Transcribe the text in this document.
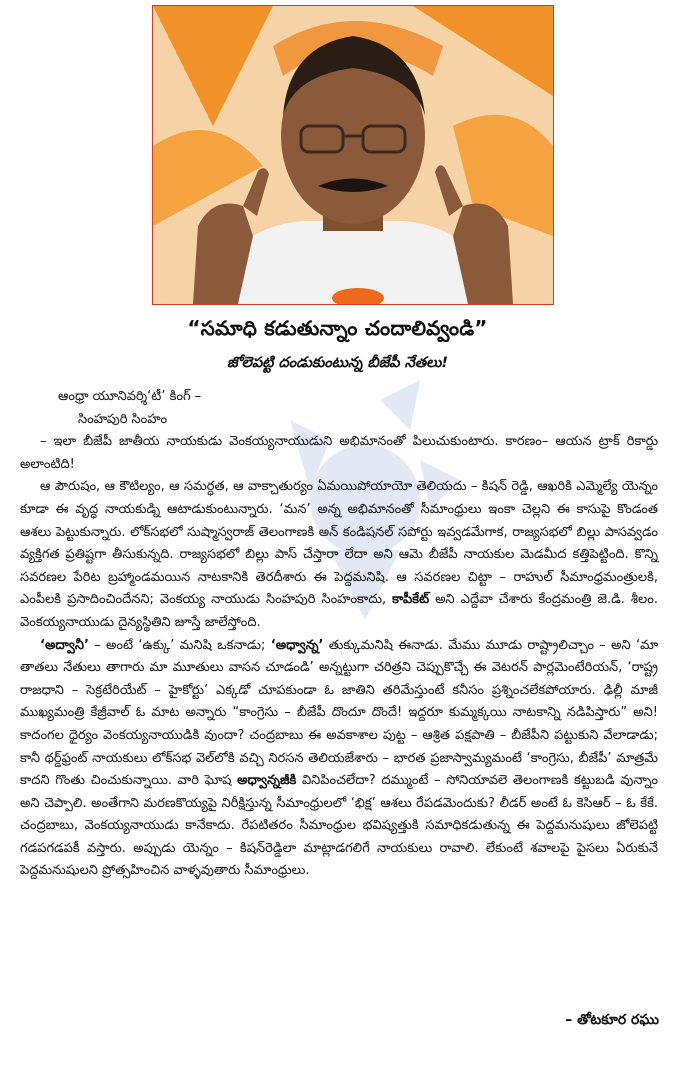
“సమాధి కడుతున్నాం చందాలివ్వండి”
జోలెపట్టి దండుకుంటున్న బీజేపీ నేతలు!

ఆంధ్రా యూనివర్శి‘టీ’ కింగ్ –

సింహపురి సింహం

– ఇలా బీజేపీ జాతీయ నాయకుడు వెంకయ్యనాయుడుని అభిమానంతో పిలుచుకుంటారు. కారణం– ఆయన ట్రాక్ రికార్డు అలాంటిది!

ఆ పౌరుషం, ఆ కౌటిల్యం, ఆ సమర్ధత, ఆ వాక్చాతుర్యం ఏమయిపోయాయో తెలియదు – కిషన్ రెడ్డి, ఆఖరికి ఎమ్మెల్యే యెన్నం కూడా ఈ వృద్ధ నాయకుడ్ని ఆటాడుకుంటున్నారు. ‘మన’ అన్న అభిమానంతో సీమాంధ్రులు ఇంకా చెల్లని ఈ కాసుపై కొండంత ఆశలు పెట్టుకున్నారు. లోక్‌సభలో సుష్మాస్వరాజ్ తెలంగాణకి అన్ కండిషనల్ సపోర్టు ఇవ్వడమేగాక, రాజ్యసభలో బిల్లు పాసవ్వడం వ్యక్తిగత ప్రతిష్టగా తీసుకున్నది. రాజ్యసభలో బిల్లు పాస్ చేస్తారా లేదా అని ఆమె బీజేపీ నాయకుల మెడమీద కత్తిపెట్టింది. కొన్ని సవరణల పేరిట బ్రహ్మాండమయిన నాటకానికి తెరదీశారు ఈ పెద్దమనిషి. ఆ సవరణల చిట్టా – రాహుల్ సీమాంధ్రమంత్రులకి, ఎంపీలకి ప్రసాదించిందేనని; వెంకయ్య నాయుడు సింహపురి సింహంకాదు, కాపీకేట్ అని ఎద్దేవా చేశారు కేంద్రమంత్రి జె.డి. శీలం. వెంకయ్యనాయుడు దైన్యస్థితిని జూస్తే జాలేస్తోంది.

‘అద్వానీ’ – అంటే ‘ఉక్కు’ మనిషి ఒకనాడు; ‘అధ్వాన్న’ తుక్కుమనిషి ఈనాడు. మేము మూడు రాష్ట్రాలిచ్చాం – అని ‘మా తాతలు నేతులు తాగారు మా మూతులు వాసన చూడండి’ అన్నట్టుగా చరిత్రని చెప్పుకొచ్చే ఈ వెటరన్ పార్లమెంటేరియన్, ‘రాష్ట్ర రాజధాని – సెక్రటేరియేట్ – హైకోర్టు’ ఎక్కడో చూపకుండా ఓ జాతిని తరిమేస్తుంటే కనీసం ప్రశ్నించలేకపోయారు. ఢిల్లీ మాజీ ముఖ్యమంత్రి కేజ్రీవాల్ ఓ మాట అన్నారు “కాంగ్రెసు – బీజేపీ దొందూ దొందే! ఇద్దరూ కుమ్మక్కయి నాటకాన్ని నడిపిస్తారు” అని! కాదంగల ధైర్యం వెంకయ్యనాయుడికి వుందా? చంద్రబాబు ఈ అవకాశాల పుట్ట – ఆశ్రిత పక్షపాతి – బీజేపీని పట్టుకుని వేలాడాడు; కానీ థర్డ్‌ఫ్రంట్ నాయకులు లోక్‌సభ వెల్‌లోకి వచ్చి నిరసన తెలియజేశారు – భారత ప్రజాస్వామ్యమంటే ‘కాంగ్రెసు, బీజేపీ’ మాత్రమే కాదని గొంతు చించుకున్నాయి. వారి ఘోష అధ్వాన్నజీకి వినిపించలేదా? దమ్ముంటే – సోనియావలె తెలంగాణకి కట్టుబడి వున్నాం అని చెప్పాలి. అంతేగాని మరణకొయ్యపై నిరీక్షిస్తున్న సీమాంధ్రులలో ‘భిక్ష’ ఆశలు రేపడమెందుకు? లీడర్ అంటే ఓ కెసిఆర్ – ఓ కేకే. చంద్రబాబు, వెంకయ్యనాయుడు కానేకాదు. రేపటితరం సీమాంధ్రుల భవిష్యత్తుకి సమాధికడుతున్న ఈ పెద్దమనుషులు జోలెపట్టి గడపగడపకీ వస్తారు. అప్పుడు యెన్నం – కిషన్‌రెడ్డిలా మాట్లాడగలిగే నాయకులు రావాలి. లేకుంటే శవాలపై పైసలు ఏరుకునే పెద్దమనుషులని ప్రోత్సహించిన వాళ్ళవుతారు సీమాంధ్రులు.

– తోటకూర రఘు
